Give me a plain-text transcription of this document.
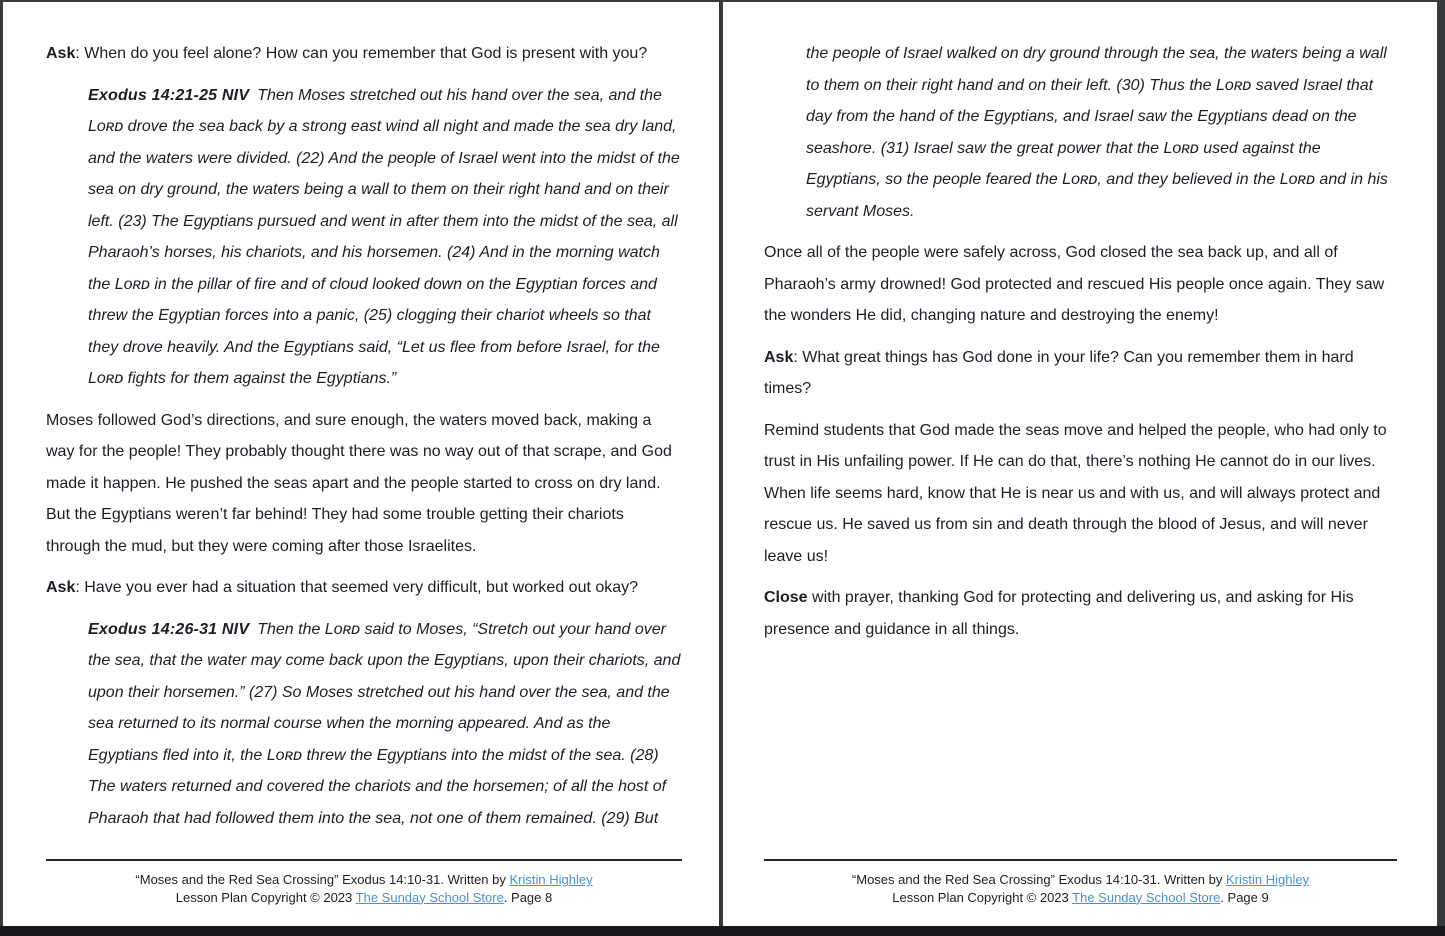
Ask: When do you feel alone? How can you remember that God is present with you?

Exodus 14:21-25 NIV Then Moses stretched out his hand over the sea, and the Lᴏʀᴅ drove the sea back by a strong east wind all night and made the sea dry land, and the waters were divided. (22) And the people of Israel went into the midst of the sea on dry ground, the waters being a wall to them on their right hand and on their left. (23) The Egyptians pursued and went in after them into the midst of the sea, all Pharaoh’s horses, his chariots, and his horsemen. (24) And in the morning watch the Lᴏʀᴅ in the pillar of fire and of cloud looked down on the Egyptian forces and threw the Egyptian forces into a panic, (25) clogging their chariot wheels so that they drove heavily. And the Egyptians said, “Let us flee from before Israel, for the Lᴏʀᴅ fights for them against the Egyptians.”

Moses followed God’s directions, and sure enough, the waters moved back, making a way for the people! They probably thought there was no way out of that scrape, and God made it happen. He pushed the seas apart and the people started to cross on dry land. But the Egyptians weren’t far behind! They had some trouble getting their chariots through the mud, but they were coming after those Israelites.

Ask: Have you ever had a situation that seemed very difficult, but worked out okay?

Exodus 14:26-31 NIV Then the Lᴏʀᴅ said to Moses, “Stretch out your hand over the sea, that the water may come back upon the Egyptians, upon their chariots, and upon their horsemen.” (27) So Moses stretched out his hand over the sea, and the sea returned to its normal course when the morning appeared. And as the Egyptians fled into it, the Lᴏʀᴅ threw the Egyptians into the midst of the sea. (28) The waters returned and covered the chariots and the horsemen; of all the host of Pharaoh that had followed them into the sea, not one of them remained. (29) But

“Moses and the Red Sea Crossing” Exodus 14:10-31. Written by Kristin Highley
Lesson Plan Copyright © 2023 The Sunday School Store. Page 8

the people of Israel walked on dry ground through the sea, the waters being a wall to them on their right hand and on their left. (30) Thus the Lᴏʀᴅ saved Israel that day from the hand of the Egyptians, and Israel saw the Egyptians dead on the seashore. (31) Israel saw the great power that the Lᴏʀᴅ used against the Egyptians, so the people feared the Lᴏʀᴅ, and they believed in the Lᴏʀᴅ and in his servant Moses.

Once all of the people were safely across, God closed the sea back up, and all of Pharaoh’s army drowned! God protected and rescued His people once again. They saw the wonders He did, changing nature and destroying the enemy!

Ask: What great things has God done in your life? Can you remember them in hard times?

Remind students that God made the seas move and helped the people, who had only to trust in His unfailing power. If He can do that, there’s nothing He cannot do in our lives. When life seems hard, know that He is near us and with us, and will always protect and rescue us. He saved us from sin and death through the blood of Jesus, and will never leave us!

Close with prayer, thanking God for protecting and delivering us, and asking for His presence and guidance in all things.

“Moses and the Red Sea Crossing” Exodus 14:10-31. Written by Kristin Highley
Lesson Plan Copyright © 2023 The Sunday School Store. Page 9
